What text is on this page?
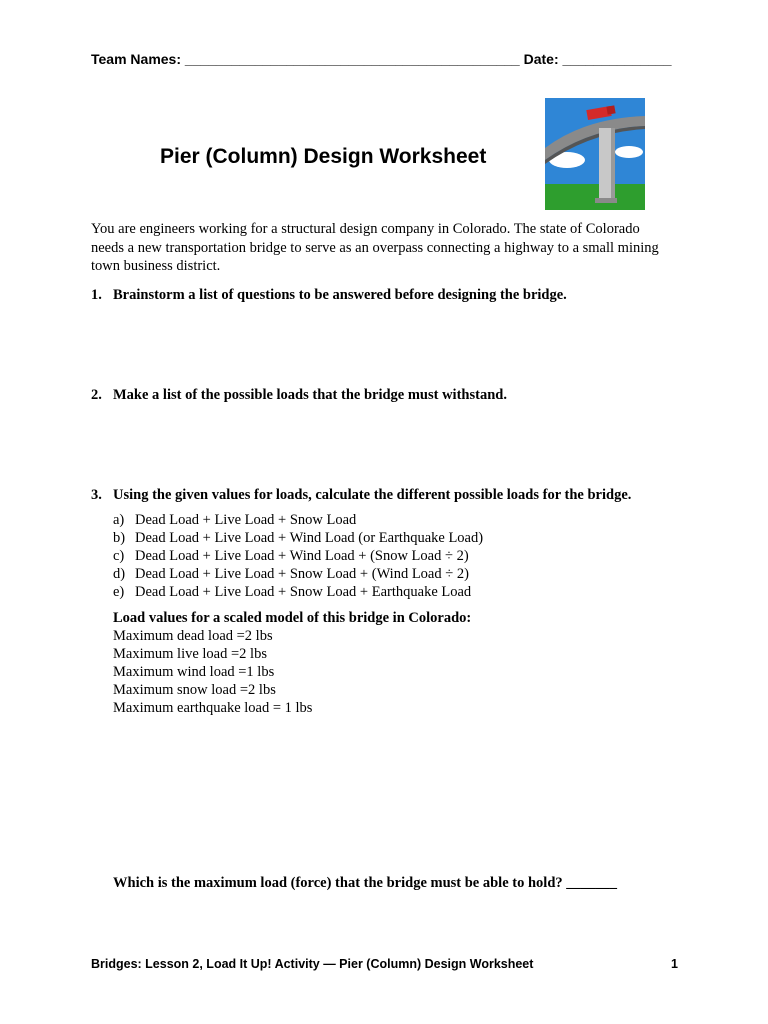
Team Names: ___________________________________________ Date: ______________
Pier (Column) Design Worksheet
You are engineers working for a structural design company in Colorado. The state of Colorado needs a new transportation bridge to serve as an overpass connecting a highway to a small mining town business district.
1. Brainstorm a list of questions to be answered before designing the bridge.
2. Make a list of the possible loads that the bridge must withstand.
3. Using the given values for loads, calculate the different possible loads for the bridge.
a) Dead Load + Live Load + Snow Load
b) Dead Load + Live Load + Wind Load (or Earthquake Load)
c) Dead Load + Live Load + Wind Load + (Snow Load ÷ 2)
d) Dead Load + Live Load + Snow Load + (Wind Load ÷ 2)
e) Dead Load + Live Load + Snow Load + Earthquake Load
Load values for a scaled model of this bridge in Colorado:
Maximum dead load =2 lbs
Maximum live load =2 lbs
Maximum wind load =1 lbs
Maximum snow load =2 lbs
Maximum earthquake load = 1 lbs
Which is the maximum load (force) that the bridge must be able to hold? _______
Bridges: Lesson 2, Load It Up! Activity — Pier (Column) Design Worksheet	1
